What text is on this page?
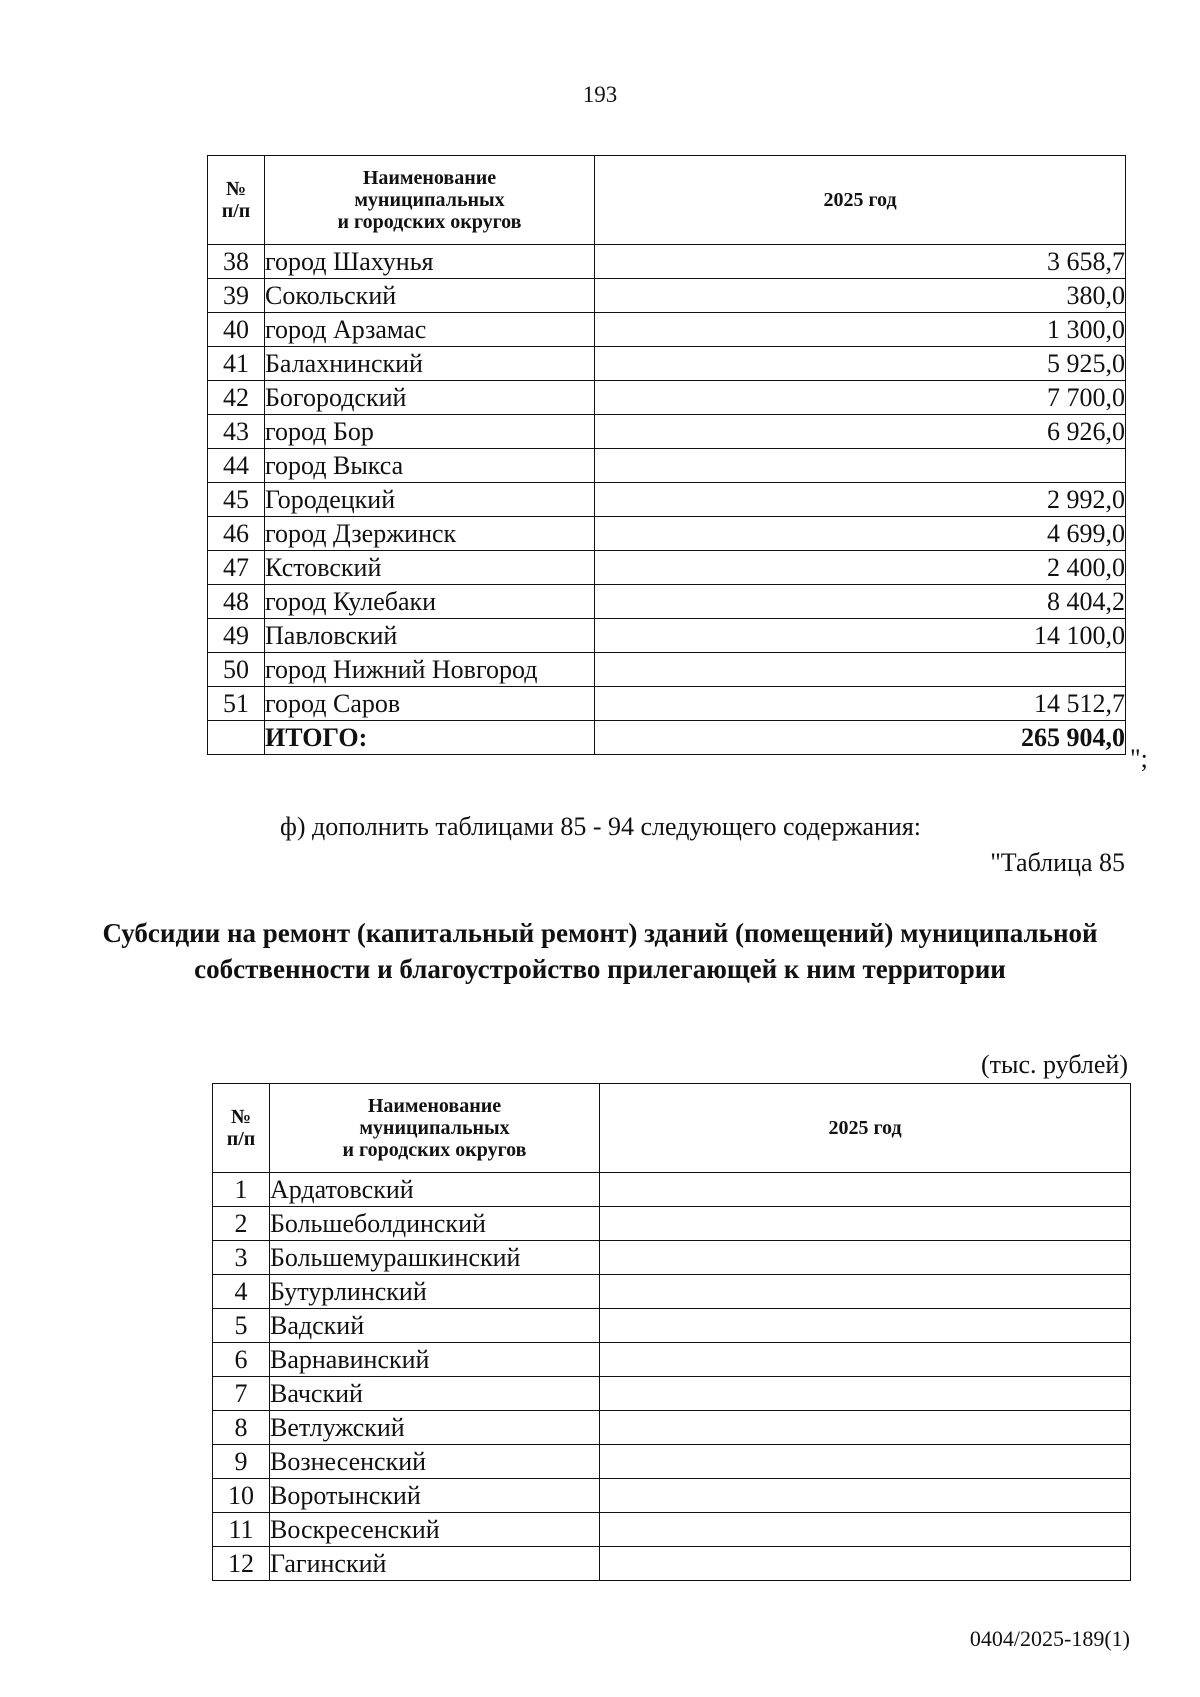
193
№
п/п	Наименование
муниципальных
и городских округов	2025 год
38	город Шахунья	3 658,7
39	Сокольский	380,0
40	город Арзамас	1 300,0
41	Балахнинский	5 925,0
42	Богородский	7 700,0
43	город Бор	6 926,0
44	город Выкса	
45	Городецкий	2 992,0
46	город Дзержинск	4 699,0
47	Кстовский	2 400,0
48	город Кулебаки	8 404,2
49	Павловский	14 100,0
50	город Нижний Новгород	
51	город Саров	14 512,7
	ИТОГО:	265 904,0
";
ф) дополнить таблицами 85 - 94 следующего содержания:
"Таблица 85
Субсидии на ремонт (капитальный ремонт) зданий (помещений) муниципальной собственности и благоустройство прилегающей к ним территории
(тыс. рублей)
№
п/п	Наименование
муниципальных
и городских округов	2025 год
1	Ардатовский	
2	Большеболдинский	
3	Большемурашкинский	
4	Бутурлинский	
5	Вадский	
6	Варнавинский	
7	Вачский	
8	Ветлужский	
9	Вознесенский	
10	Воротынский	
11	Воскресенский	
12	Гагинский	
0404/2025-189(1)
